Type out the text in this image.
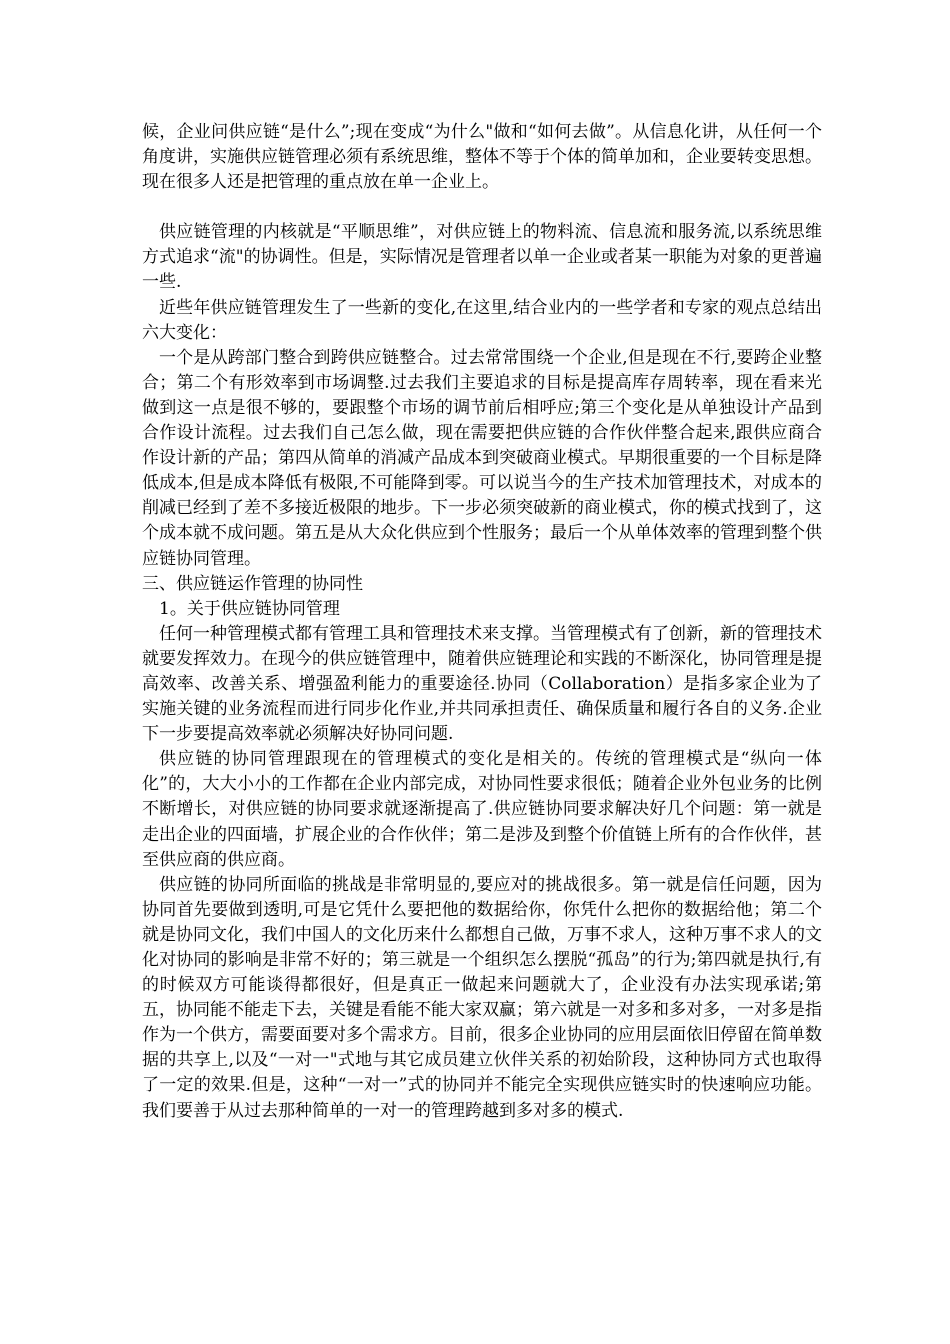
候，企业问供应链“是什么”;现在变成“为什么"做和“如何去做”。从信息化讲，从任何一个角度讲，实施供应链管理必须有系统思维，整体不等于个体的简单加和，企业要转变思想。现在很多人还是把管理的重点放在单一企业上。

供应链管理的内核就是“平顺思维”，对供应链上的物料流、信息流和服务流,以系统思维方式追求“流"的协调性。但是，实际情况是管理者以单一企业或者某一职能为对象的更普遍一些.

近些年供应链管理发生了一些新的变化,在这里,结合业内的一些学者和专家的观点总结出六大变化：

一个是从跨部门整合到跨供应链整合。过去常常围绕一个企业,但是现在不行,要跨企业整合；第二个有形效率到市场调整.过去我们主要追求的目标是提高库存周转率，现在看来光做到这一点是很不够的，要跟整个市场的调节前后相呼应;第三个变化是从单独设计产品到合作设计流程。过去我们自己怎么做，现在需要把供应链的合作伙伴整合起来,跟供应商合作设计新的产品；第四从简单的消减产品成本到突破商业模式。早期很重要的一个目标是降低成本,但是成本降低有极限,不可能降到零。可以说当今的生产技术加管理技术，对成本的削减已经到了差不多接近极限的地步。下一步必须突破新的商业模式，你的模式找到了，这个成本就不成问题。第五是从大众化供应到个性服务；最后一个从单体效率的管理到整个供应链协同管理。

三、供应链运作管理的协同性

1。关于供应链协同管理

任何一种管理模式都有管理工具和管理技术来支撑。当管理模式有了创新，新的管理技术就要发挥效力。在现今的供应链管理中，随着供应链理论和实践的不断深化，协同管理是提高效率、改善关系、增强盈利能力的重要途径.协同（Collaboration）是指多家企业为了实施关键的业务流程而进行同步化作业,并共同承担责任、确保质量和履行各自的义务.企业下一步要提高效率就必须解决好协同问题.

供应链的协同管理跟现在的管理模式的变化是相关的。传统的管理模式是“纵向一体化”的，大大小小的工作都在企业内部完成，对协同性要求很低；随着企业外包业务的比例不断增长，对供应链的协同要求就逐渐提高了.供应链协同要求解决好几个问题：第一就是走出企业的四面墙，扩展企业的合作伙伴；第二是涉及到整个价值链上所有的合作伙伴，甚至供应商的供应商。

供应链的协同所面临的挑战是非常明显的,要应对的挑战很多。第一就是信任问题，因为协同首先要做到透明,可是它凭什么要把他的数据给你，你凭什么把你的数据给他；第二个就是协同文化，我们中国人的文化历来什么都想自己做，万事不求人，这种万事不求人的文化对协同的影响是非常不好的；第三就是一个组织怎么摆脱“孤岛”的行为;第四就是执行,有的时候双方可能谈得都很好，但是真正一做起来问题就大了，企业没有办法实现承诺;第五，协同能不能走下去，关键是看能不能大家双赢；第六就是一对多和多对多，一对多是指作为一个供方，需要面要对多个需求方。目前，很多企业协同的应用层面依旧停留在简单数据的共享上,以及“一对一"式地与其它成员建立伙伴关系的初始阶段，这种协同方式也取得了一定的效果.但是，这种“一对一”式的协同并不能完全实现供应链实时的快速响应功能。我们要善于从过去那种简单的一对一的管理跨越到多对多的模式.
